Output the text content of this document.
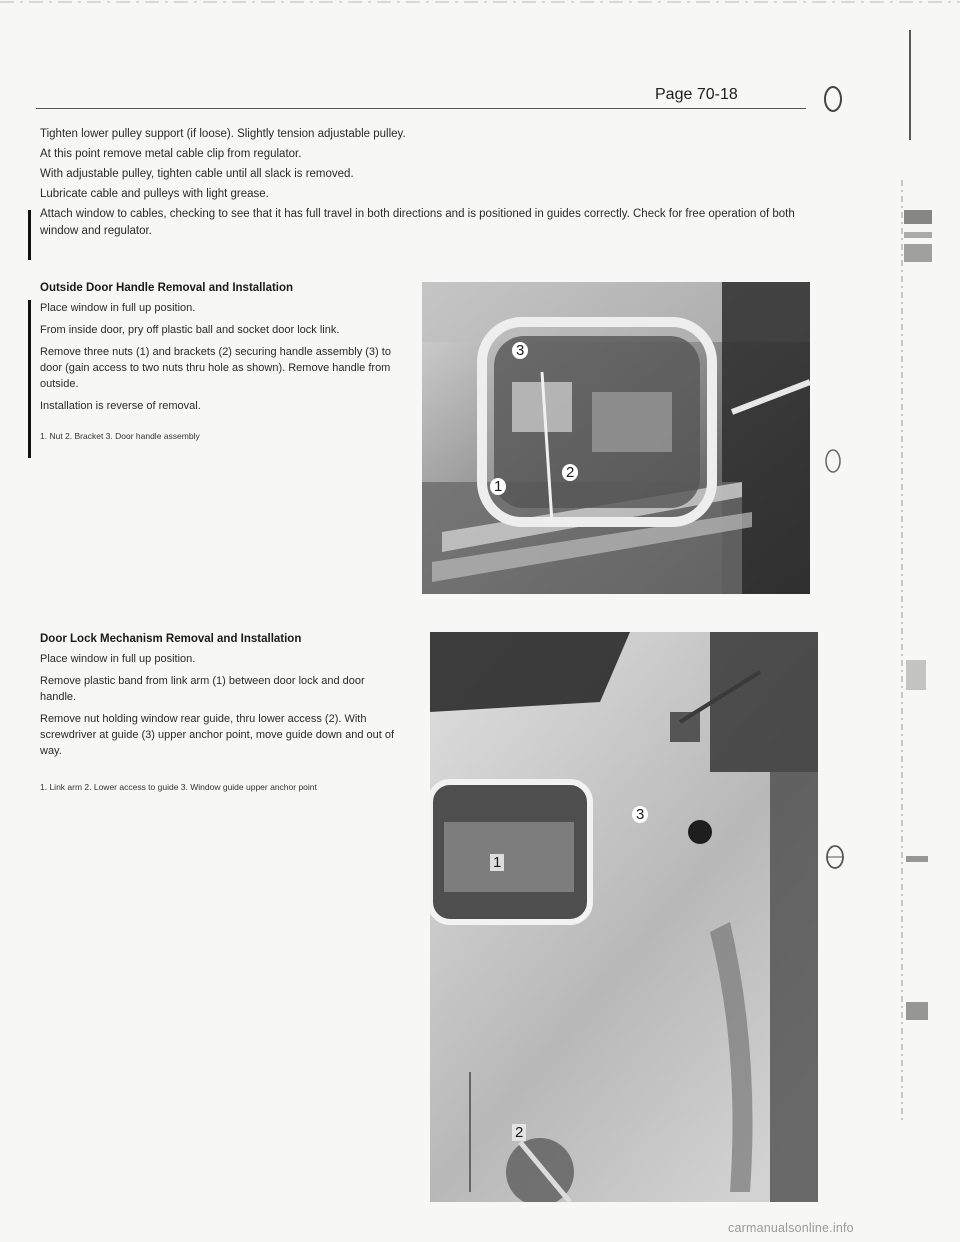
Page 70-18

Tighten lower pulley support (if loose). Slightly tension adjustable pulley.

At this point remove metal cable clip from regulator.

With adjustable pulley, tighten cable until all slack is removed.

Lubricate cable and pulleys with light grease.

Attach window to cables, checking to see that it has full travel in both directions and is positioned in guides correctly. Check for free operation of both window and regulator.

Outside Door Handle Removal and Installation

Place window in full up position.

From inside door, pry off plastic ball and socket door lock link.

Remove three nuts (1) and brackets (2) securing handle assembly (3) to door (gain access to two nuts thru hole as shown). Remove handle from outside.

Installation is reverse of removal.

1. Nut 2. Bracket 3. Door handle assembly
3
1
2
Door Lock Mechanism Removal and Installation

Place window in full up position.

Remove plastic band from link arm (1) between door lock and door handle.

Remove nut holding window rear guide, thru lower access (2). With screwdriver at guide (3) upper anchor point, move guide down and out of way.

1. Link arm 2. Lower access to guide 3. Window guide upper anchor point
3
1
2
carmanualsonline.info
